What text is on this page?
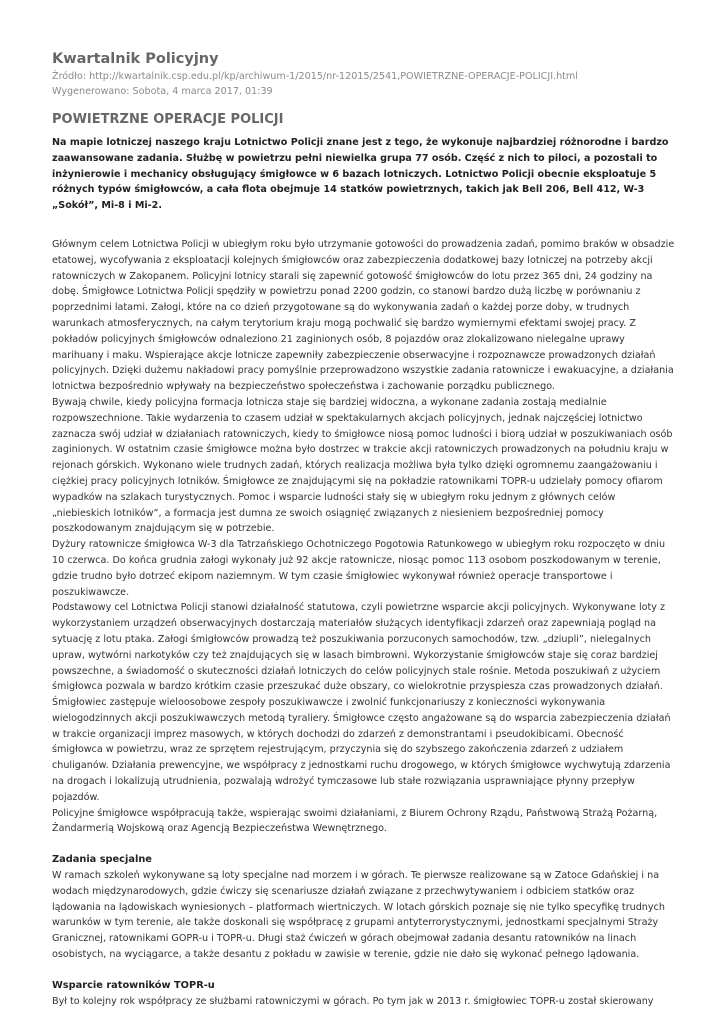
Kwartalnik Policyjny
Źródło: http://kwartalnik.csp.edu.pl/kp/archiwum-1/2015/nr-12015/2541,POWIETRZNE-OPERACJE-POLICJI.html
Wygenerowano: Sobota, 4 marca 2017, 01:39
POWIETRZNE OPERACJE POLICJI
Na mapie lotniczej naszego kraju Lotnictwo Policji znane jest z tego, że wykonuje najbardziej różnorodne i bardzo zaawansowane zadania. Służbę w powietrzu pełni niewielka grupa 77 osób. Część z nich to piloci, a pozostali to inżynierowie i mechanicy obsługujący śmigłowce w 6 bazach lotniczych. Lotnictwo Policji obecnie eksploatuje 5 różnych typów śmigłowców, a cała flota obejmuje 14 statków powietrznych, takich jak Bell 206, Bell 412, W-3 „Sokół”, Mi-8 i Mi-2.

Głównym celem Lotnictwa Policji w ubiegłym roku było utrzymanie gotowości do prowadzenia zadań, pomimo braków w obsadzie etatowej, wycofywania z eksploatacji kolejnych śmigłowców oraz zabezpieczenia dodatkowej bazy lotniczej na potrzeby akcji ratowniczych w Zakopanem. Policyjni lotnicy starali się zapewnić gotowość śmigłowców do lotu przez 365 dni, 24 godziny na dobę. Śmigłowce Lotnictwa Policji spędziły w powietrzu ponad 2200 godzin, co stanowi bardzo dużą liczbę w porównaniu z poprzednimi latami. Załogi, które na co dzień przygotowane są do wykonywania zadań o każdej porze doby, w trudnych warunkach atmosferycznych, na całym terytorium kraju mogą pochwalić się bardzo wymiernymi efektami swojej pracy. Z pokładów policyjnych śmigłowców odnaleziono 21 zaginionych osób, 8 pojazdów oraz zlokalizowano nielegalne uprawy marihuany i maku. Wspierające akcje lotnicze zapewniły zabezpieczenie obserwacyjne i rozpoznawcze prowadzonych działań policyjnych. Dzięki dużemu nakładowi pracy pomyślnie przeprowadzono wszystkie zadania ratownicze i ewakuacyjne, a działania lotnictwa bezpośrednio wpływały na bezpieczeństwo społeczeństwa i zachowanie porządku publicznego.

Bywają chwile, kiedy policyjna formacja lotnicza staje się bardziej widoczna, a wykonane zadania zostają medialnie rozpowszechnione. Takie wydarzenia to czasem udział w spektakularnych akcjach policyjnych, jednak najczęściej lotnictwo zaznacza swój udział w działaniach ratowniczych, kiedy to śmigłowce niosą pomoc ludności i biorą udział w poszukiwaniach osób zaginionych. W ostatnim czasie śmigłowce można było dostrzec w trakcie akcji ratowniczych prowadzonych na południu kraju w rejonach górskich. Wykonano wiele trudnych zadań, których realizacja możliwa była tylko dzięki ogromnemu zaangażowaniu i ciężkiej pracy policyjnych lotników. Śmigłowce ze znajdującymi się na pokładzie ratownikami TOPR-u udzielały pomocy ofiarom wypadków na szlakach turystycznych. Pomoc i wsparcie ludności stały się w ubiegłym roku jednym z głównych celów „niebieskich lotników”, a formacja jest dumna ze swoich osiągnięć związanych z niesieniem bezpośredniej pomocy poszkodowanym znajdującym się w potrzebie.

Dyżury ratownicze śmigłowca W-3 dla Tatrzańskiego Ochotniczego Pogotowia Ratunkowego w ubiegłym roku rozpoczęto w dniu 10 czerwca. Do końca grudnia załogi wykonały już 92 akcje ratownicze, niosąc pomoc 113 osobom poszkodowanym w terenie, gdzie trudno było dotrzeć ekipom naziemnym. W tym czasie śmigłowiec wykonywał również operacje transportowe i poszukiwawcze.

Podstawowy cel Lotnictwa Policji stanowi działalność statutowa, czyli powietrzne wsparcie akcji policyjnych. Wykonywane loty z wykorzystaniem urządzeń obserwacyjnych dostarczają materiałów służących identyfikacji zdarzeń oraz zapewniają pogląd na sytuację z lotu ptaka. Załogi śmigłowców prowadzą też poszukiwania porzuconych samochodów, tzw. „dziupli”, nielegalnych upraw, wytwórni narkotyków czy też znajdujących się w lasach bimbrowni. Wykorzystanie śmigłowców staje się coraz bardziej powszechne, a świadomość o skuteczności działań lotniczych do celów policyjnych stale rośnie. Metoda poszukiwań z użyciem śmigłowca pozwala w bardzo krótkim czasie przeszukać duże obszary, co wielokrotnie przyspiesza czas prowadzonych działań. Śmigłowiec zastępuje wieloosobowe zespoły poszukiwawcze i zwolnić funkcjonariuszy z konieczności wykonywania wielogodzinnych akcji poszukiwawczych metodą tyraliery. Śmigłowce często angażowane są do wsparcia zabezpieczenia działań w trakcie organizacji imprez masowych, w których dochodzi do zdarzeń z demonstrantami i pseudokibicami. Obecność śmigłowca w powietrzu, wraz ze sprzętem rejestrującym, przyczynia się do szybszego zakończenia zdarzeń z udziałem chuliganów. Działania prewencyjne, we współpracy z jednostkami ruchu drogowego, w których śmigłowce wychwytują zdarzenia na drogach i lokalizują utrudnienia, pozwalają wdrożyć tymczasowe lub stałe rozwiązania usprawniające płynny przepływ pojazdów.

Policyjne śmigłowce współpracują także, wspierając swoimi działaniami, z Biurem Ochrony Rządu, Państwową Strażą Pożarną, Żandarmerią Wojskową oraz Agencją Bezpieczeństwa Wewnętrznego.

Zadania specjalne

W ramach szkoleń wykonywane są loty specjalne nad morzem i w górach. Te pierwsze realizowane są w Zatoce Gdańskiej i na wodach międzynarodowych, gdzie ćwiczy się scenariusze działań związane z przechwytywaniem i odbiciem statków oraz lądowania na lądowiskach wyniesionych – platformach wiertniczych. W lotach górskich poznaje się nie tylko specyfikę trudnych warunków w tym terenie, ale także doskonali się współpracę z grupami antyterrorystycznymi, jednostkami specjalnymi Straży Granicznej, ratownikami GOPR-u i TOPR-u. Długi staż ćwiczeń w górach obejmował zadania desantu ratowników na linach osobistych, na wyciągarce, a także desantu z pokładu w zawisie w terenie, gdzie nie dało się wykonać pełnego lądowania.

Wsparcie ratowników TOPR-u

Był to kolejny rok współpracy ze służbami ratowniczymi w górach. Po tym jak w 2013 r. śmigłowiec TOPR-u został skierowany
